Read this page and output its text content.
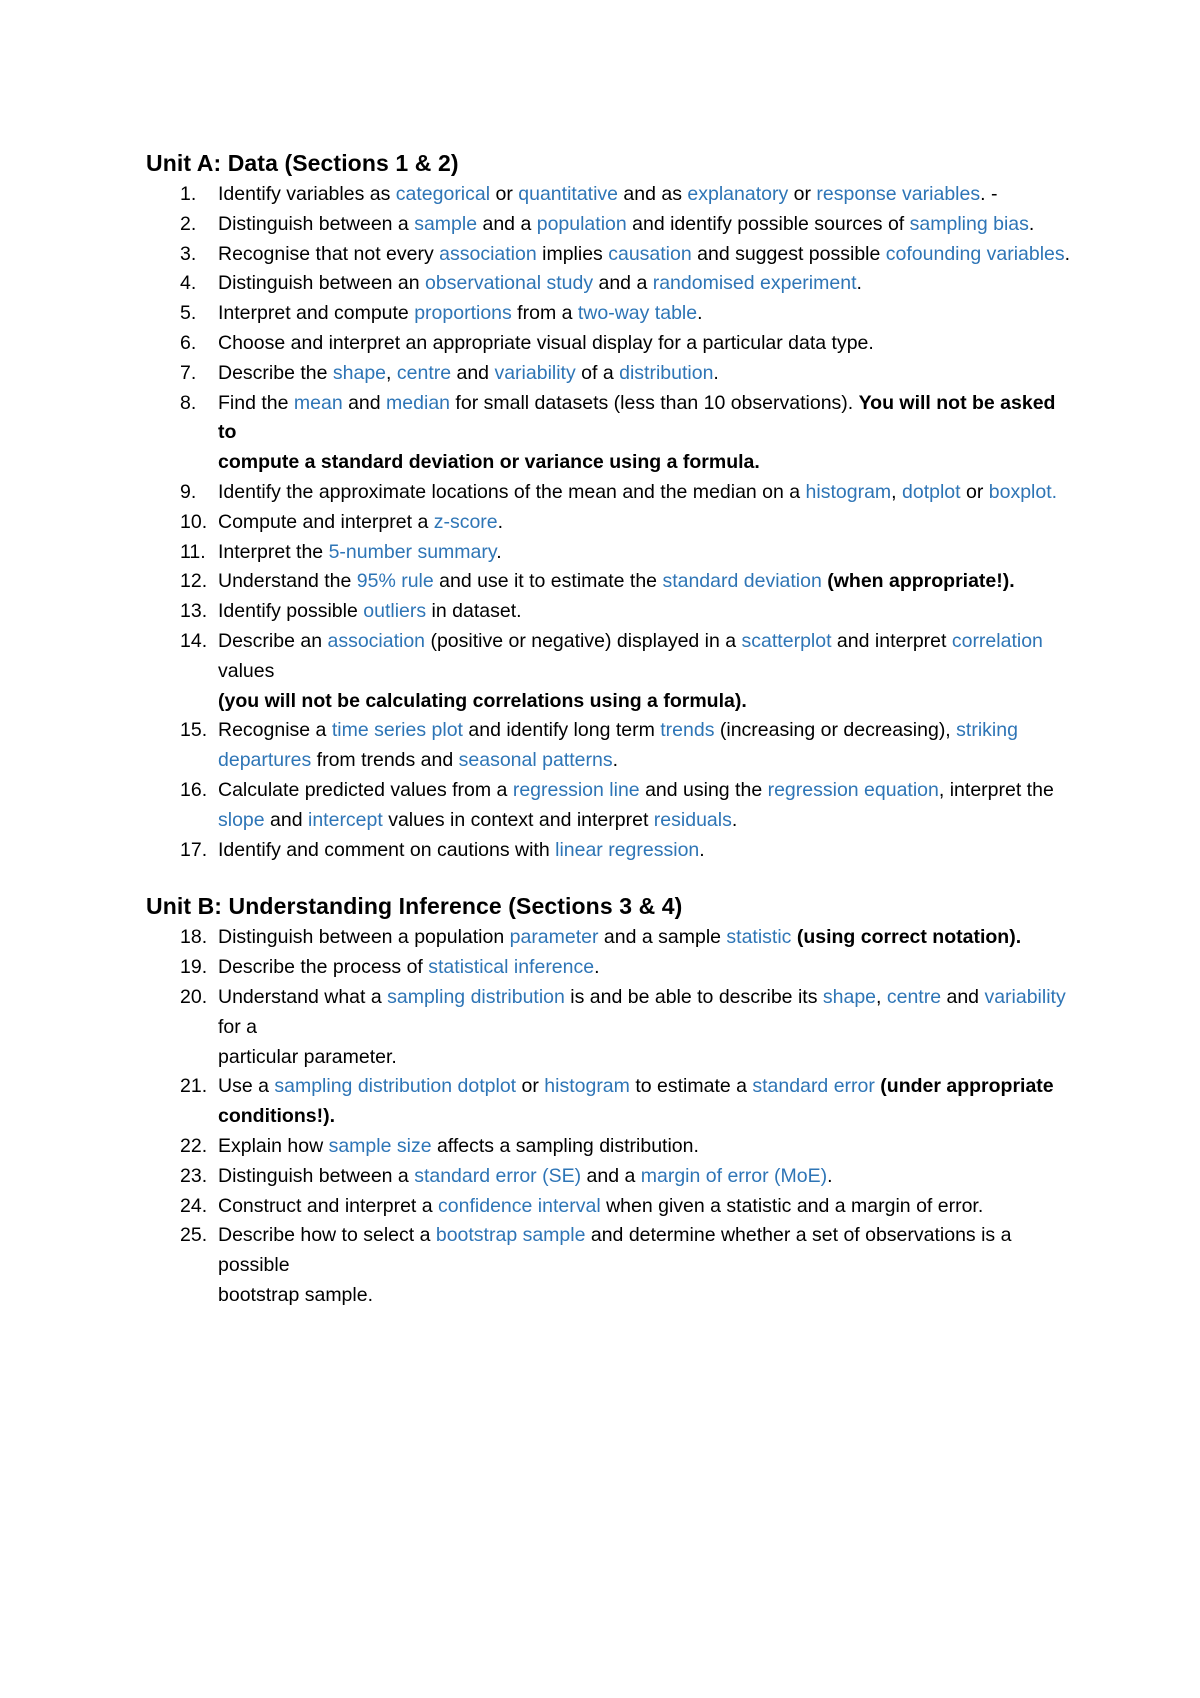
Unit A: Data (Sections 1 & 2)
1.	Identify variables as categorical or quantitative and as explanatory or response variables. -
2.	Distinguish between a sample and a population and identify possible sources of sampling bias.
3.	Recognise that not every association implies causation and suggest possible cofounding variables.
4.	Distinguish between an observational study and a randomised experiment.
5.	Interpret and compute proportions from a two-way table.
6.	Choose and interpret an appropriate visual display for a particular data type.
7.	Describe the shape, centre and variability of a distribution.
8.	Find the mean and median for small datasets (less than 10 observations). You will not be asked to
compute a standard deviation or variance using a formula.
9.	Identify the approximate locations of the mean and the median on a histogram, dotplot or boxplot.
10. Compute and interpret a z-score.
11. Interpret the 5-number summary.
12. Understand the 95% rule and use it to estimate the standard deviation (when appropriate!).
13. Identify possible outliers in dataset.
14. Describe an association (positive or negative) displayed in a scatterplot and interpret correlation values
(you will not be calculating correlations using a formula).
15. Recognise a time series plot and identify long term trends (increasing or decreasing), striking departures from trends and seasonal patterns.
16. Calculate predicted values from a regression line and using the regression equation, interpret the slope and intercept values in context and interpret residuals.
17. Identify and comment on cautions with linear regression.
Unit B: Understanding Inference (Sections 3 & 4)
18. Distinguish between a population parameter and a sample statistic (using correct notation).
19. Describe the process of statistical inference.
20. Understand what a sampling distribution is and be able to describe its shape, centre and variability for a
particular parameter.
21. Use a sampling distribution dotplot or histogram to estimate a standard error (under appropriate
conditions!).
22. Explain how sample size affects a sampling distribution.
23. Distinguish between a standard error (SE) and a margin of error (MoE).
24. Construct and interpret a confidence interval when given a statistic and a margin of error.
25. Describe how to select a bootstrap sample and determine whether a set of observations is a possible
bootstrap sample.
